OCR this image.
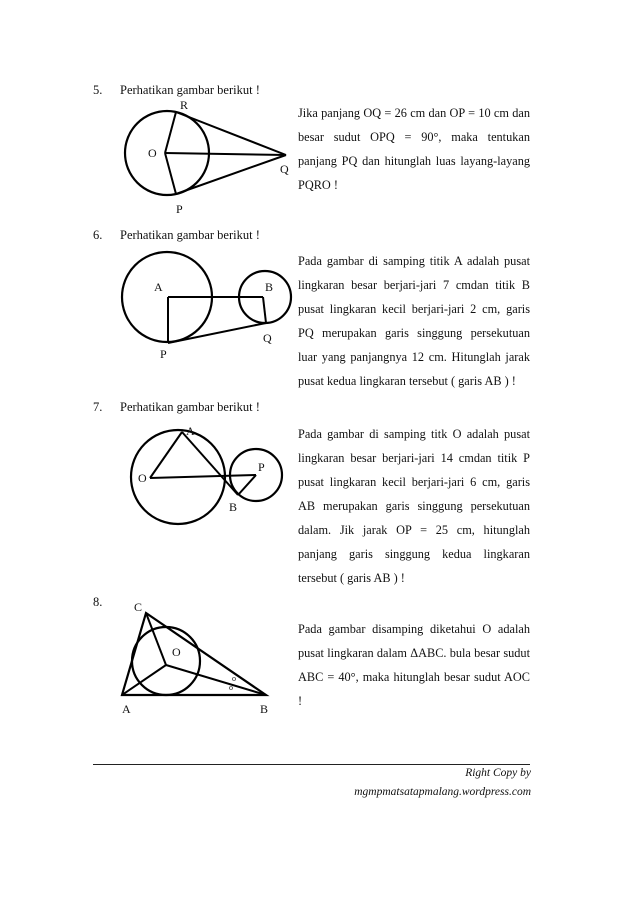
5. Perhatikan gambar berikut !
R
O
Q
P
Jika panjang OQ = 26 cm dan OP = 10 cm dan besar sudut OPQ = 90°, maka tentukan panjang PQ dan hitunglah luas layang-layang PQRO !
6. Perhatikan gambar berikut !
A	B
P
Q
Pada gambar di samping titik A adalah pusat lingkaran besar berjari-jari 7 cmdan titik B pusat lingkaran kecil berjari-jari 2 cm, garis PQ merupakan garis singgung persekutuan luar yang panjangnya 12 cm. Hitunglah jarak pusat kedua lingkaran tersebut ( garis AB ) !
7. Perhatikan gambar berikut !
A
O
P
B
Pada gambar di samping titk O adalah pusat lingkaran besar berjari-jari 14 cmdan titik P pusat lingkaran kecil berjari-jari 6 cm, garis AB merupakan garis singgung persekutuan dalam. Jik jarak OP = 25 cm, hitunglah panjang garis singgung kedua lingkaran tersebut ( garis AB ) !
8.	C
O
A	B
o
o
Pada gambar disamping diketahui O adalah pusat lingkaran dalam ΔABC. bula besar sudut ABC = 40°, maka hitunglah besar sudut AOC !
Right Copy by
mgmpmatsatapmalang.wordpress.com
